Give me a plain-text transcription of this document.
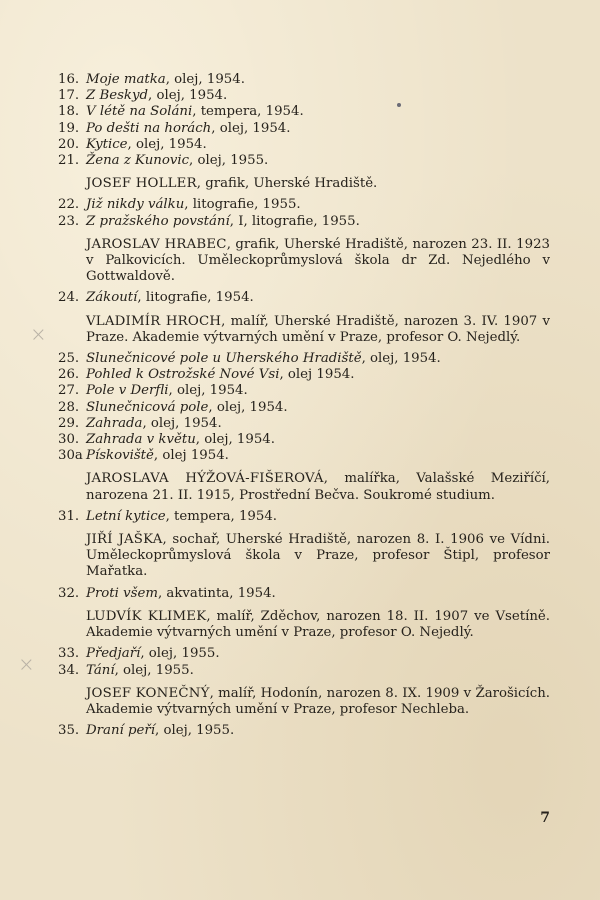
×
×
16. Moje matka , olej, 1954.
17. Z Beskyd , olej, 1954.
18. V létě na Soláni , tempera, 1954.
19. Po dešti na horách , olej, 1954.
20. Kytice , olej, 1954.
21. Žena z Kunovic , olej, 1955.
JOSEF HOLLER, grafik, Uherské Hradiště.
22. Již nikdy válku , litografie, 1955.
23. Z pražského povstání , I, litografie, 1955.
JAROSLAV HRABEC, grafik, Uherské Hradiště, narozen 23. II. 1923 v Palkovicích. Uměleckoprůmyslová škola dr Zd. Nejedlého v Gottwaldově.
24. Zákoutí , litografie, 1954.
VLADIMÍR HROCH, malíř, Uherské Hradiště, narozen 3. IV. 1907 v Praze. Akademie výtvarných umění v Praze, profesor O. Nejedlý.
25. Slunečnicové pole u Uherského Hradiště , olej, 1954.
26. Pohled k Ostrožské Nové Vsi , olej 1954.
27. Pole v Derfli , olej, 1954.
28. Slunečnicová pole , olej, 1954.
29. Zahrada , olej, 1954.
30. Zahrada v květu , olej, 1954.
30a Pískoviště , olej 1954.
JAROSLAVA HÝŽOVÁ-FIŠEROVÁ, malířka, Valašské Meziříčí, narozena 21. II. 1915, Prostřední Bečva. Soukromé studium.
31. Letní kytice , tempera, 1954.
JIŘÍ JAŠKA, sochař, Uherské Hradiště, narozen 8. I. 1906 ve Vídni. Uměleckoprůmyslová škola v Praze, profesor Štipl, profesor Mařatka.
32. Proti všem , akvatinta, 1954.
LUDVÍK KLIMEK, malíř, Zděchov, narozen 18. II. 1907 ve Vsetíně. Akademie výtvarných umění v Praze, profesor O. Nejedlý.
33. Předjaří , olej, 1955.
34. Tání , olej, 1955.
JOSEF KONEČNÝ, malíř, Hodonín, narozen 8. IX. 1909 v Žarošicích. Akademie výtvarných umění v Praze, profesor Nechleba.
35. Draní peří , olej, 1955.
7
